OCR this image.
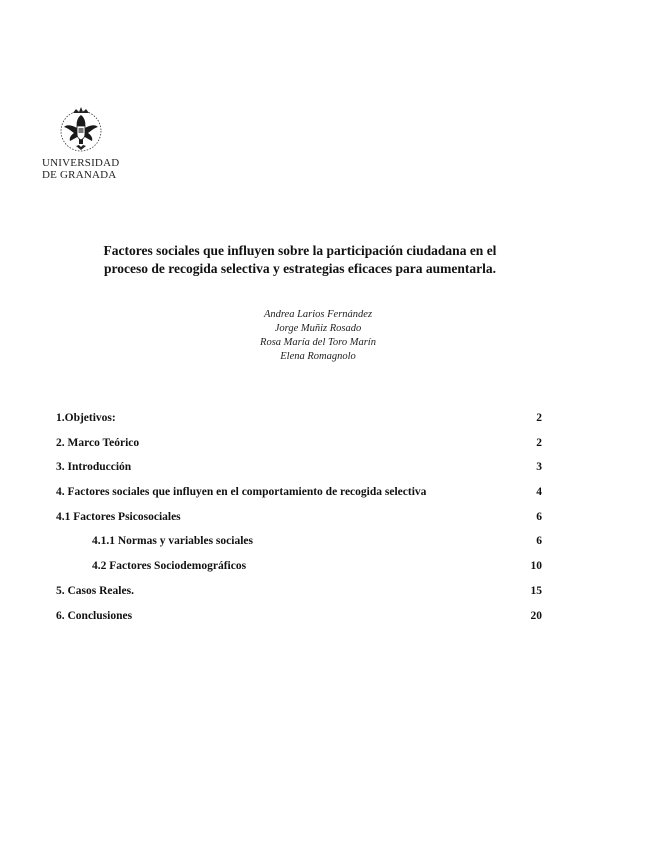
UNIVERSIDAD
DE GRANADA
Factores sociales que influyen sobre la participación ciudadana en el
proceso de recogida selectiva y estrategias eficaces para aumentarla.
Andrea Larios Fernández
Jorge Muñiz Rosado
Rosa María del Toro Marín
Elena Romagnolo
1.Objetivos:	2
2. Marco Teórico	2
3. Introducción	3
4. Factores sociales que influyen en el comportamiento de recogida selectiva	4
4.1 Factores Psicosociales	6
4.1.1 Normas y variables sociales	6
4.2 Factores Sociodemográficos	10
5. Casos Reales.	15
6. Conclusiones	20
